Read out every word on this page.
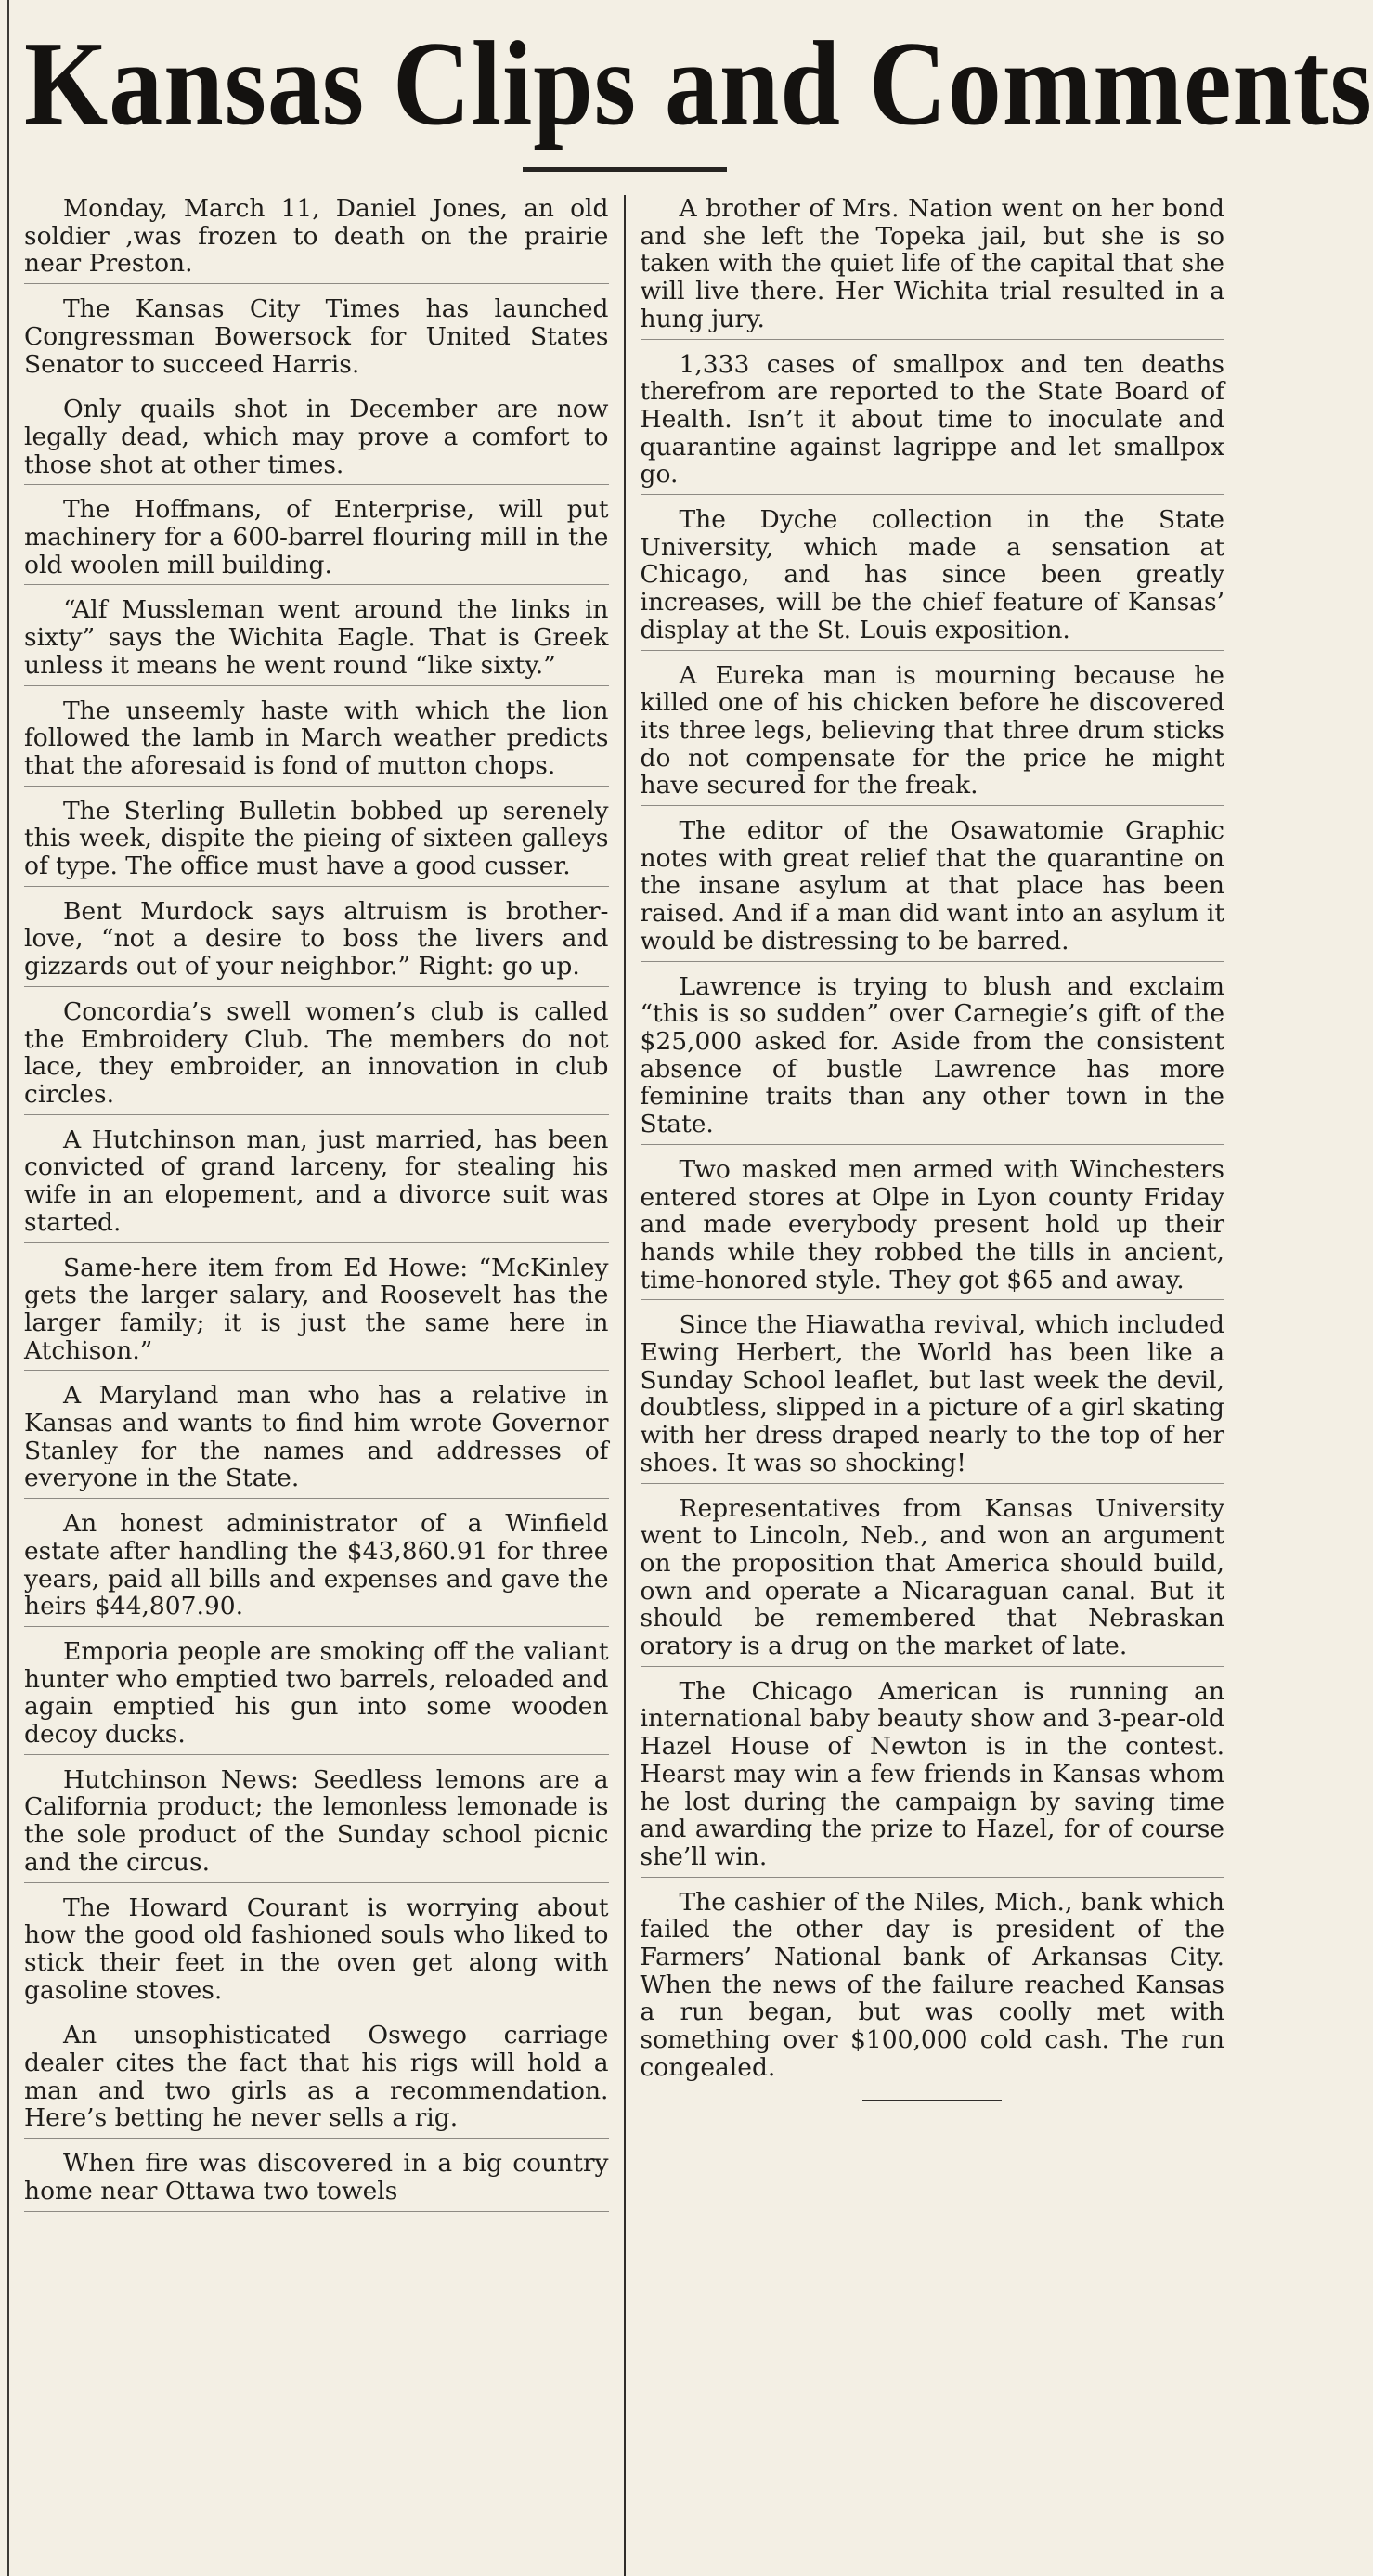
Kansas Clips and Comments

Monday, March 11, Daniel Jones, an old soldier ,was frozen to death on the prairie near Preston.

The Kansas City Times has launched Congressman Bowersock for United States Senator to succeed Harris.

Only quails shot in December are now legally dead, which may prove a comfort to those shot at other times.

The Hoffmans, of Enterprise, will put machinery for a 600-barrel flouring mill in the old woolen mill building.

“Alf Mussleman went around the links in sixty” says the Wichita Eagle. That is Greek unless it means he went round “like sixty.”

The unseemly haste with which the lion followed the lamb in March weather predicts that the aforesaid is fond of mutton chops.

The Sterling Bulletin bobbed up serenely this week, dispite the pieing of sixteen galleys of type. The office must have a good cusser.

Bent Murdock says altruism is brother-love, “not a desire to boss the livers and gizzards out of your neighbor.” Right: go up.

Concordia’s swell women’s club is called the Embroidery Club. The members do not lace, they embroider, an innovation in club circles.

A Hutchinson man, just married, has been convicted of grand larceny, for stealing his wife in an elopement, and a divorce suit was started.

Same-here item from Ed Howe: “McKinley gets the larger salary, and Roosevelt has the larger family; it is just the same here in Atchison.”

A Maryland man who has a relative in Kansas and wants to find him wrote Governor Stanley for the names and addresses of everyone in the State.

An honest administrator of a Winfield estate after handling the $43,860.91 for three years, paid all bills and expenses and gave the heirs $44,807.90.

Emporia people are smoking off the valiant hunter who emptied two barrels, reloaded and again emptied his gun into some wooden decoy ducks.

Hutchinson News: Seedless lemons are a California product; the lemonless lemonade is the sole product of the Sunday school picnic and the circus.

The Howard Courant is worrying about how the good old fashioned souls who liked to stick their feet in the oven get along with gasoline stoves.

An unsophisticated Oswego carriage dealer cites the fact that his rigs will hold a man and two girls as a recommendation. Here’s betting he never sells a rig.

When fire was discovered in a big country home near Ottawa two towels

A brother of Mrs. Nation went on her bond and she left the Topeka jail, but she is so taken with the quiet life of the capital that she will live there. Her Wichita trial resulted in a hung jury.

1,333 cases of smallpox and ten deaths therefrom are reported to the State Board of Health. Isn’t it about time to inoculate and quarantine against lagrippe and let smallpox go.

The Dyche collection in the State University, which made a sensation at Chicago, and has since been greatly increases, will be the chief feature of Kansas’ display at the St. Louis exposition.

A Eureka man is mourning because he killed one of his chicken before he discovered its three legs, believing that three drum sticks do not compensate for the price he might have secured for the freak.

The editor of the Osawatomie Graphic notes with great relief that the quarantine on the insane asylum at that place has been raised. And if a man did want into an asylum it would be distressing to be barred.

Lawrence is trying to blush and exclaim “this is so sudden” over Carnegie’s gift of the $25,000 asked for. Aside from the consistent absence of bustle Lawrence has more feminine traits than any other town in the State.

Two masked men armed with Winchesters entered stores at Olpe in Lyon county Friday and made everybody present hold up their hands while they robbed the tills in ancient, time-honored style. They got $65 and away.

Since the Hiawatha revival, which included Ewing Herbert, the World has been like a Sunday School leaflet, but last week the devil, doubtless, slipped in a picture of a girl skating with her dress draped nearly to the top of her shoes. It was so shocking!

Representatives from Kansas University went to Lincoln, Neb., and won an argument on the proposition that America should build, own and operate a Nicaraguan canal. But it should be remembered that Nebraskan oratory is a drug on the market of late.

The Chicago American is running an international baby beauty show and 3-pear-old Hazel House of Newton is in the contest. Hearst may win a few friends in Kansas whom he lost during the campaign by saving time and awarding the prize to Hazel, for of course she’ll win.

The cashier of the Niles, Mich., bank which failed the other day is president of the Farmers’ National bank of Arkansas City. When the news of the failure reached Kansas a run began, but was coolly met with something over $100,000 cold cash. The run congealed.
